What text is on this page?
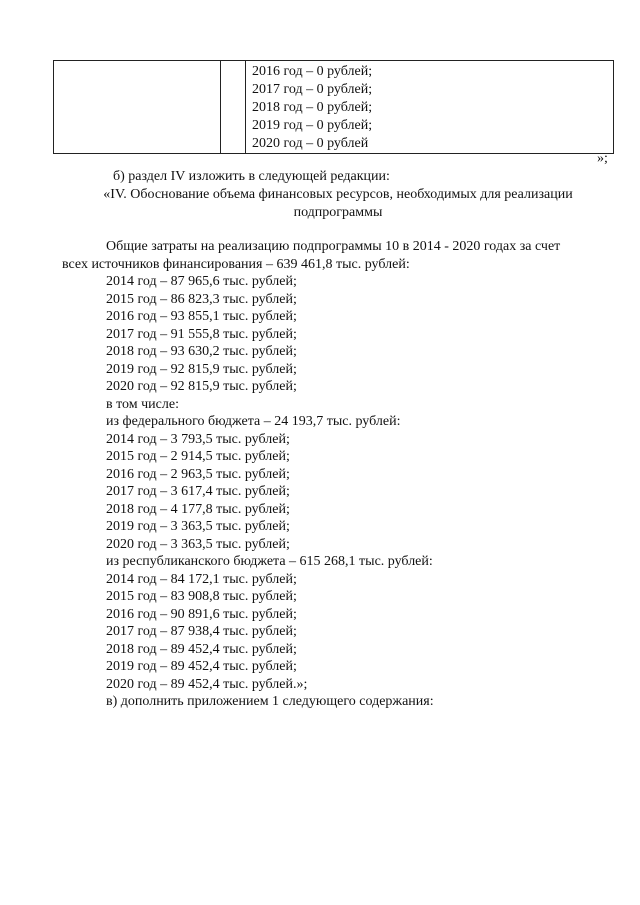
2016 год – 0 рублей;
2017 год – 0 рублей;
2018 год – 0 рублей;
2019 год – 0 рублей;
2020 год – 0 рублей
»;
б) раздел IV изложить в следующей редакции:
«IV. Обоснование объема финансовых ресурсов, необходимых для реализации
подпрограммы
Общие затраты на реализацию подпрограммы 10 в 2014 - 2020 годах за счет
всех источников финансирования – 639 461,8 тыс. рублей:
2014 год – 87 965,6 тыс. рублей;
2015 год – 86 823,3 тыс. рублей;
2016 год – 93 855,1 тыс. рублей;
2017 год – 91 555,8 тыс. рублей;
2018 год – 93 630,2 тыс. рублей;
2019 год – 92 815,9 тыс. рублей;
2020 год – 92 815,9 тыс. рублей;
в том числе:
из федерального бюджета – 24 193,7 тыс. рублей:
2014 год – 3 793,5 тыс. рублей;
2015 год – 2 914,5 тыс. рублей;
2016 год – 2 963,5 тыс. рублей;
2017 год – 3 617,4 тыс. рублей;
2018 год – 4 177,8 тыс. рублей;
2019 год – 3 363,5 тыс. рублей;
2020 год – 3 363,5 тыс. рублей;
из республиканского бюджета – 615 268,1 тыс. рублей:
2014 год – 84 172,1 тыс. рублей;
2015 год – 83 908,8 тыс. рублей;
2016 год – 90 891,6 тыс. рублей;
2017 год – 87 938,4 тыс. рублей;
2018 год – 89 452,4 тыс. рублей;
2019 год – 89 452,4 тыс. рублей;
2020 год – 89 452,4 тыс. рублей.»;
в) дополнить приложением 1 следующего содержания:
